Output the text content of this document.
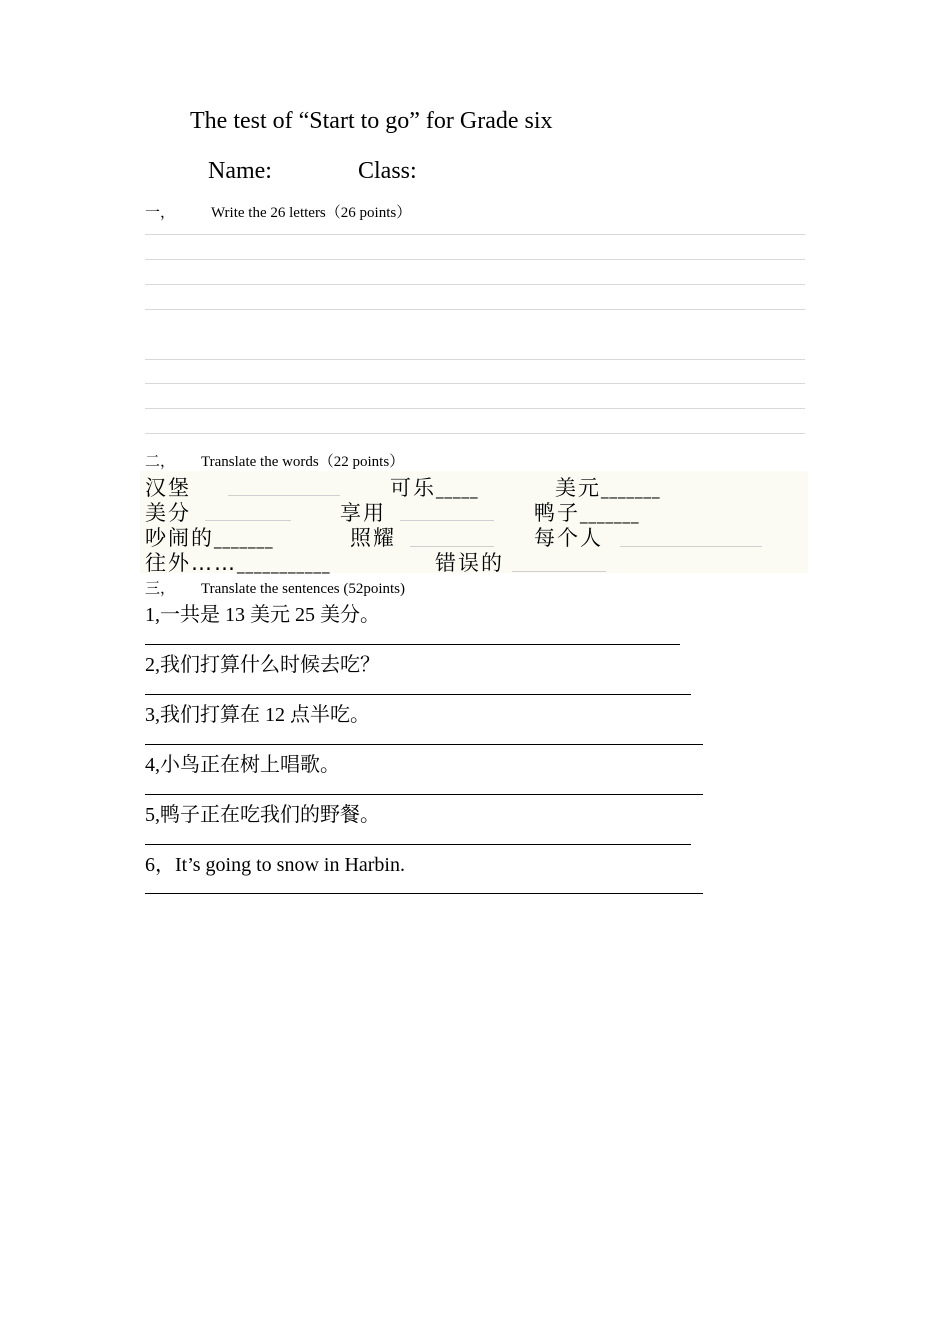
The test of “Start to go” for Grade six
Name:	Class:
一， Write the 26 letters（26 points）
二， Translate the words（22 points）
汉堡	可乐_____	美元_______
美分	享用	鸭子_______
吵闹的_______	照耀	每个人
往外……___________	错误的
三， Translate the sentences (52points)
1,一共是 13 美元 25 美分。
2,我们打算什么时候去吃？
3,我们打算在 12 点半吃。
4,小鸟正在树上唱歌。
5,鸭子正在吃我们的野餐。
6，It’s going to snow in Harbin.
